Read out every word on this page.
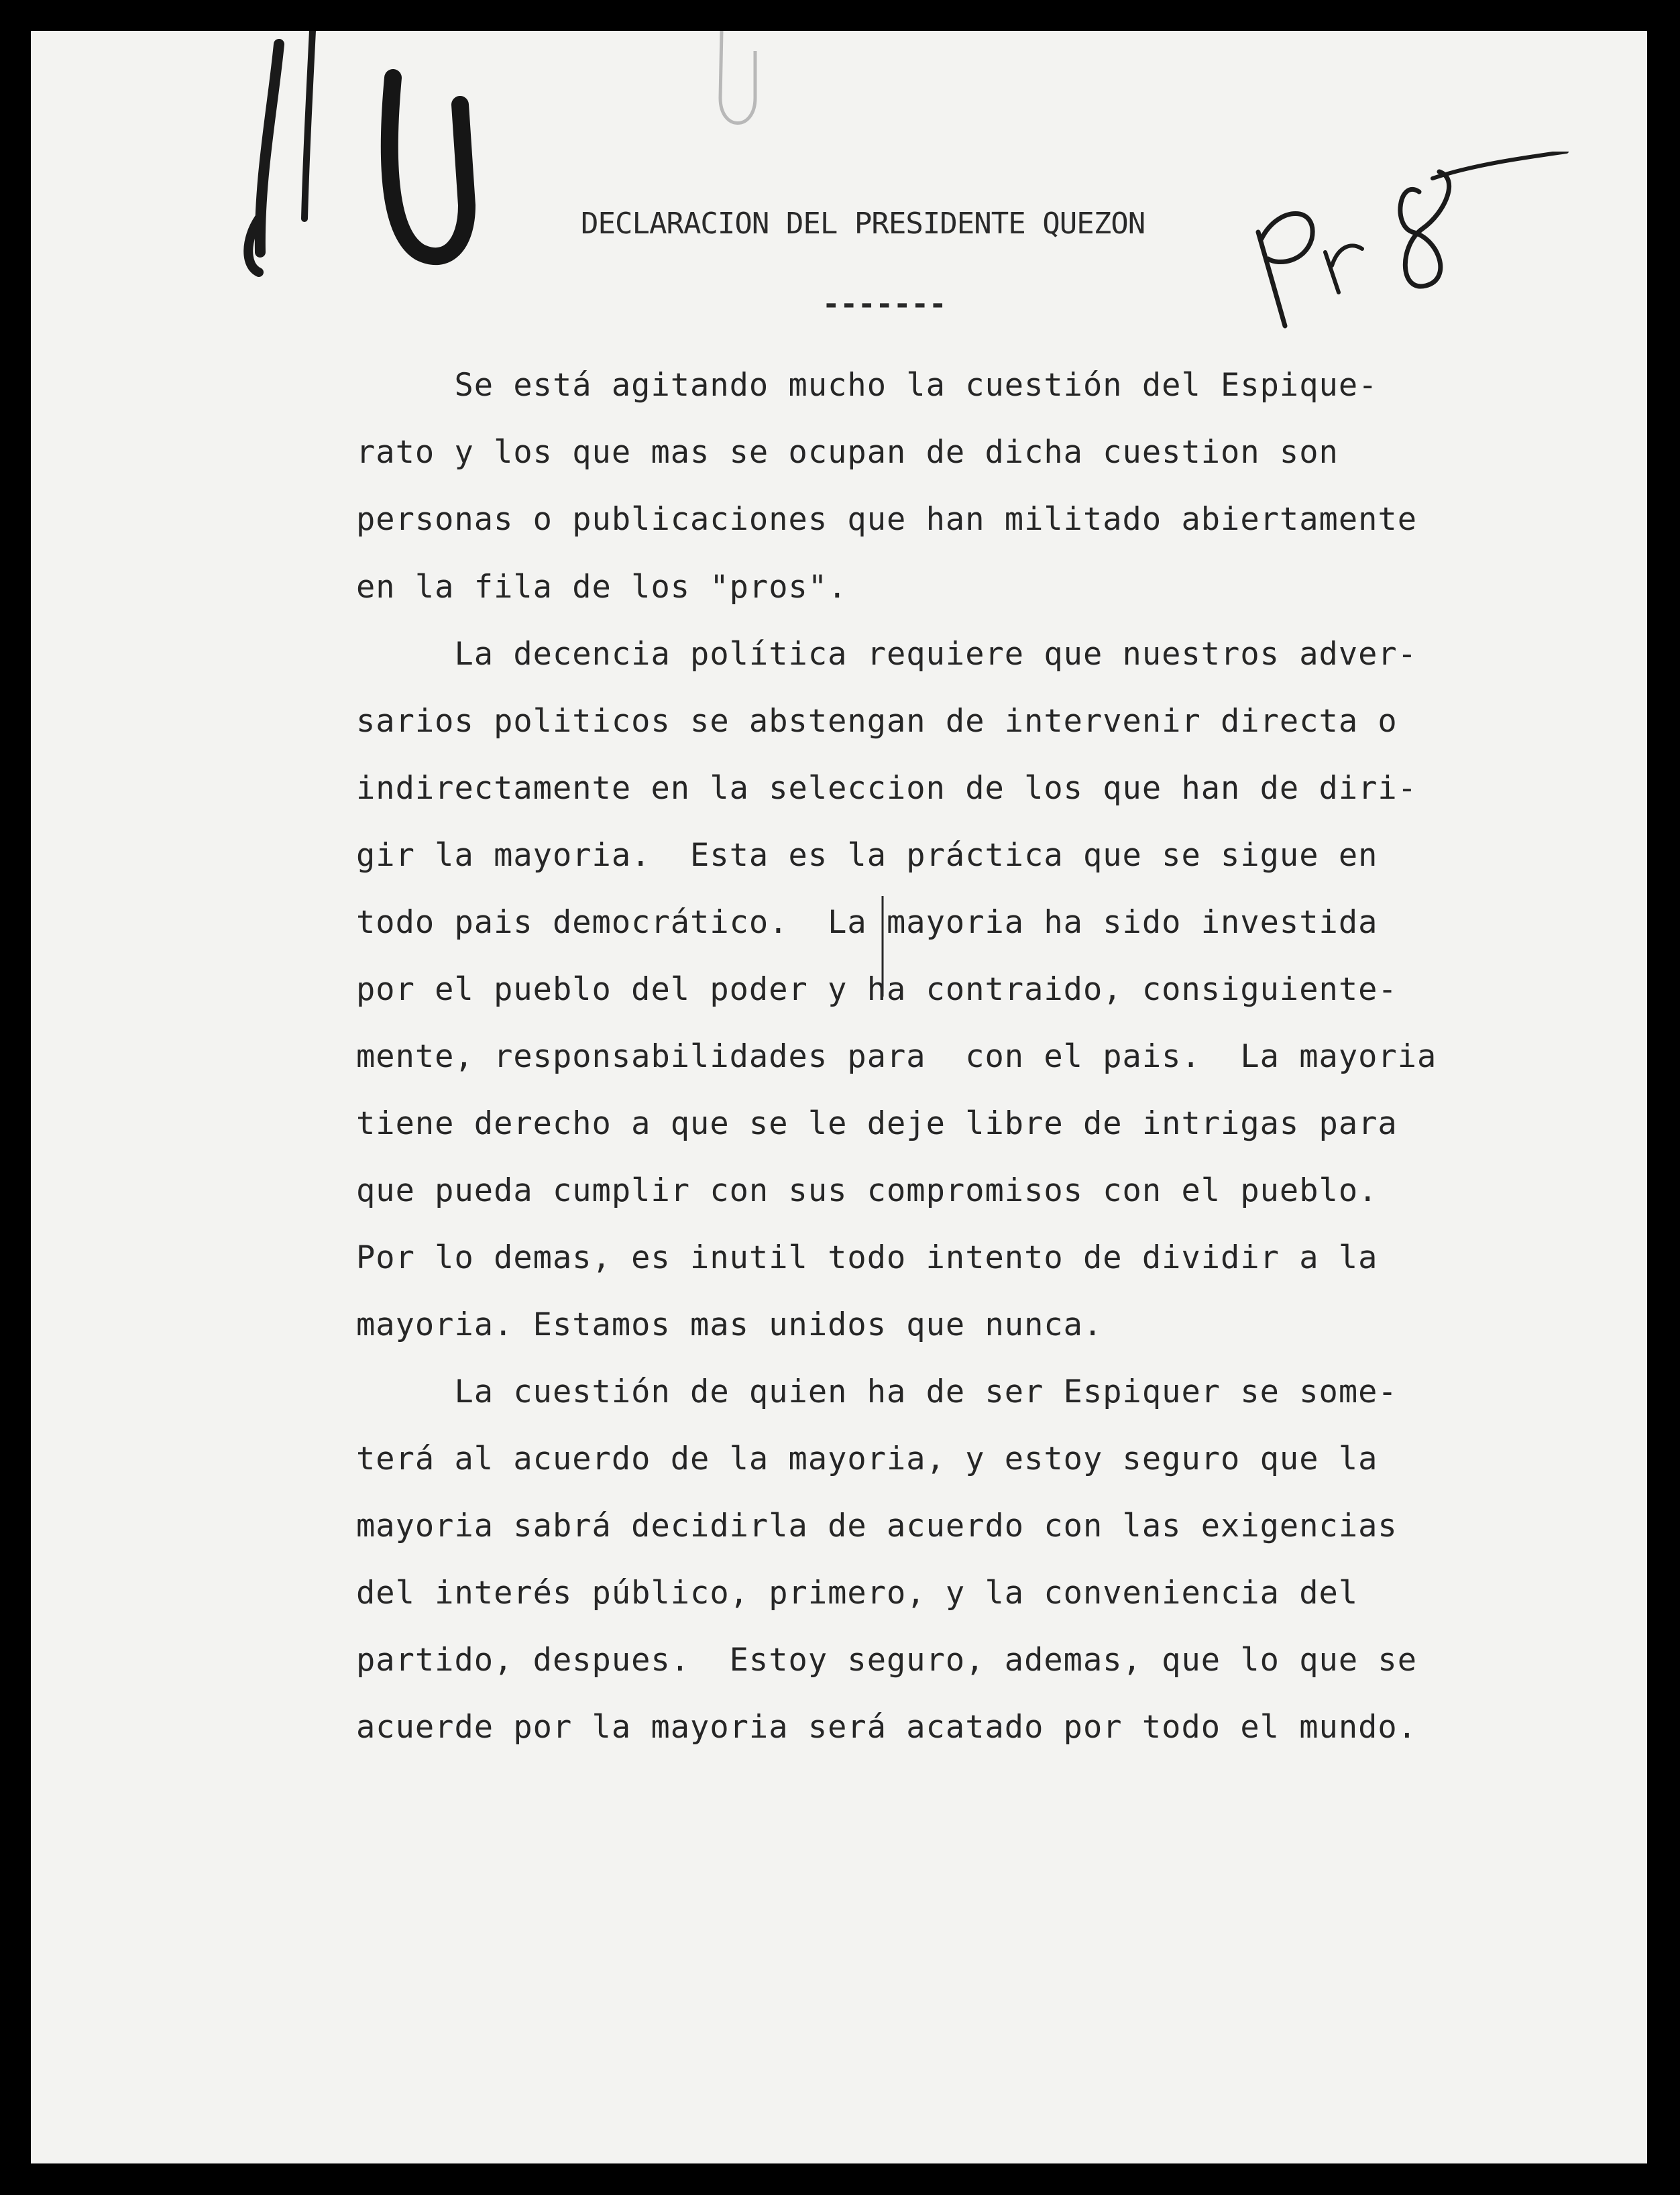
DECLARACION DEL PRESIDENTE QUEZON
-------
Se está agitando mucho la cuestión del Espique-
rato y los que mas se ocupan de dicha cuestion son
personas o publicaciones que han militado abiertamente
en la fila de los "pros".
La decencia política requiere que nuestros adver-
sarios politicos se abstengan de intervenir directa o
indirectamente en la seleccion de los que han de diri-
gir la mayoria.  Esta es la práctica que se sigue en
todo pais democrático.  La mayoria ha sido investida
por el pueblo del poder y ha contraido, consiguiente-
mente, responsabilidades para  con el pais.  La mayoria
tiene derecho a que se le deje libre de intrigas para
que pueda cumplir con sus compromisos con el pueblo.
Por lo demas, es inutil todo intento de dividir a la
mayoria. Estamos mas unidos que nunca.
La cuestión de quien ha de ser Espiquer se some-
terá al acuerdo de la mayoria, y estoy seguro que la
mayoria sabrá decidirla de acuerdo con las exigencias
del interés público, primero, y la conveniencia del
partido, despues.  Estoy seguro, ademas, que lo que se
acuerde por la mayoria será acatado por todo el mundo.
